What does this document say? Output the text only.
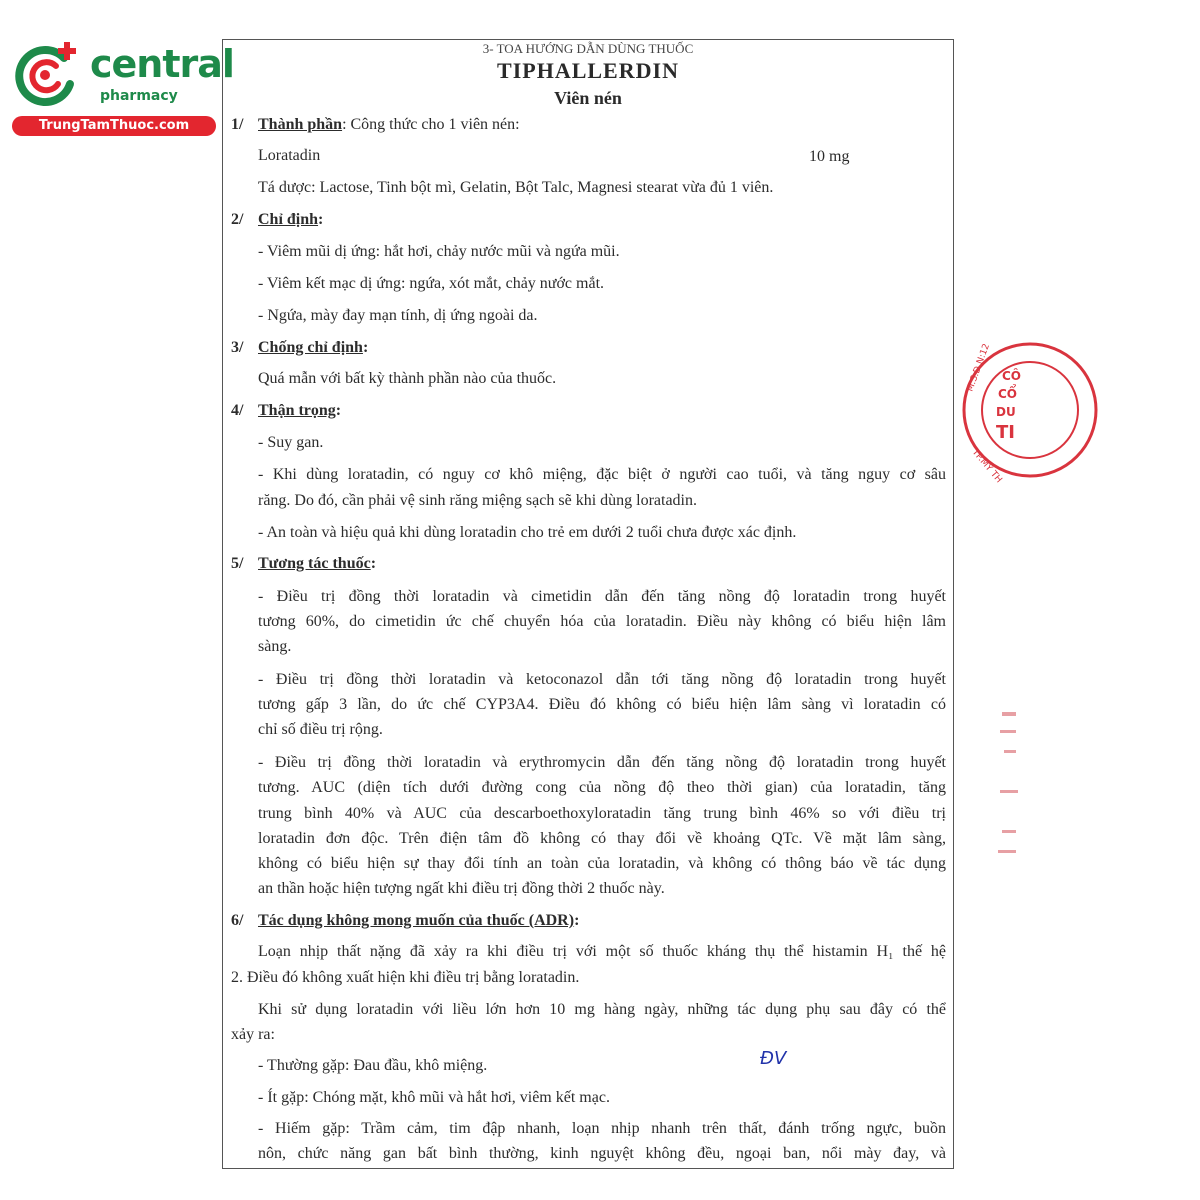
central
pharmacy
TrungTamThuoc.com
3- TOA HƯỚNG DẪN DÙNG THUỐC
TIPHALLERDIN
Viên nén
1/ Thành phần: Công thức cho 1 viên nén:
Loratadin	10 mg
Tá dược: Lactose, Tinh bột mì, Gelatin, Bột Talc, Magnesi stearat vừa đủ 1 viên.
2/ Chỉ định:
- Viêm mũi dị ứng: hắt hơi, chảy nước mũi và ngứa mũi.
- Viêm kết mạc dị ứng: ngứa, xót mắt, chảy nước mắt.
- Ngứa, mày đay mạn tính, dị ứng ngoài da.
3/ Chống chỉ định:
Quá mẫn với bất kỳ thành phần nào của thuốc.
4/ Thận trọng:
- Suy gan.
- Khi dùng loratadin, có nguy cơ khô miệng, đặc biệt ở người cao tuổi, và tăng nguy cơ sâu
răng. Do đó, cần phải vệ sinh răng miệng sạch sẽ khi dùng loratadin.
- An toàn và hiệu quả khi dùng loratadin cho trẻ em dưới 2 tuổi chưa được xác định.
5/ Tương tác thuốc:
- Điều trị đồng thời loratadin và cimetidin dẫn đến tăng nồng độ loratadin trong huyết
tương 60%, do cimetidin ức chế chuyển hóa của loratadin. Điều này không có biểu hiện lâm
sàng.
- Điều trị đồng thời loratadin và ketoconazol dẫn tới tăng nồng độ loratadin trong huyết
tương gấp 3 lần, do ức chế CYP3A4. Điều đó không có biểu hiện lâm sàng vì loratadin có
chỉ số điều trị rộng.
- Điều trị đồng thời loratadin và erythromycin dẫn đến tăng nồng độ loratadin trong huyết
tương. AUC (diện tích dưới đường cong của nồng độ theo thời gian) của loratadin, tăng
trung bình 40% và AUC của descarboethoxyloratadin tăng trung bình 46% so với điều trị
loratadin đơn độc. Trên điện tâm đồ không có thay đổi về khoảng QTc. Về mặt lâm sàng,
không có biểu hiện sự thay đổi tính an toàn của loratadin, và không có thông báo về tác dụng
an thần hoặc hiện tượng ngất khi điều trị đồng thời 2 thuốc này.
6/ Tác dụng không mong muốn của thuốc (ADR):
Loạn nhịp thất nặng đã xảy ra khi điều trị với một số thuốc kháng thụ thể histamin H₁ thế hệ
2. Điều đó không xuất hiện khi điều trị bằng loratadin.
Khi sử dụng loratadin với liều lớn hơn 10 mg hàng ngày, những tác dụng phụ sau đây có thể
xảy ra:
- Thường gặp: Đau đầu, khô miệng.
- Ít gặp: Chóng mặt, khô mũi và hắt hơi, viêm kết mạc.
- Hiếm gặp: Trầm cảm, tim đập nhanh, loạn nhịp nhanh trên thất, đánh trống ngực, buồn
nôn, chức năng gan bất bình thường, kinh nguyệt không đều, ngoại ban, nổi mày đay, và
ĐV
M.S.D.N:12 CÔ
CỔ
DU
TI
TP.MỸ TH
